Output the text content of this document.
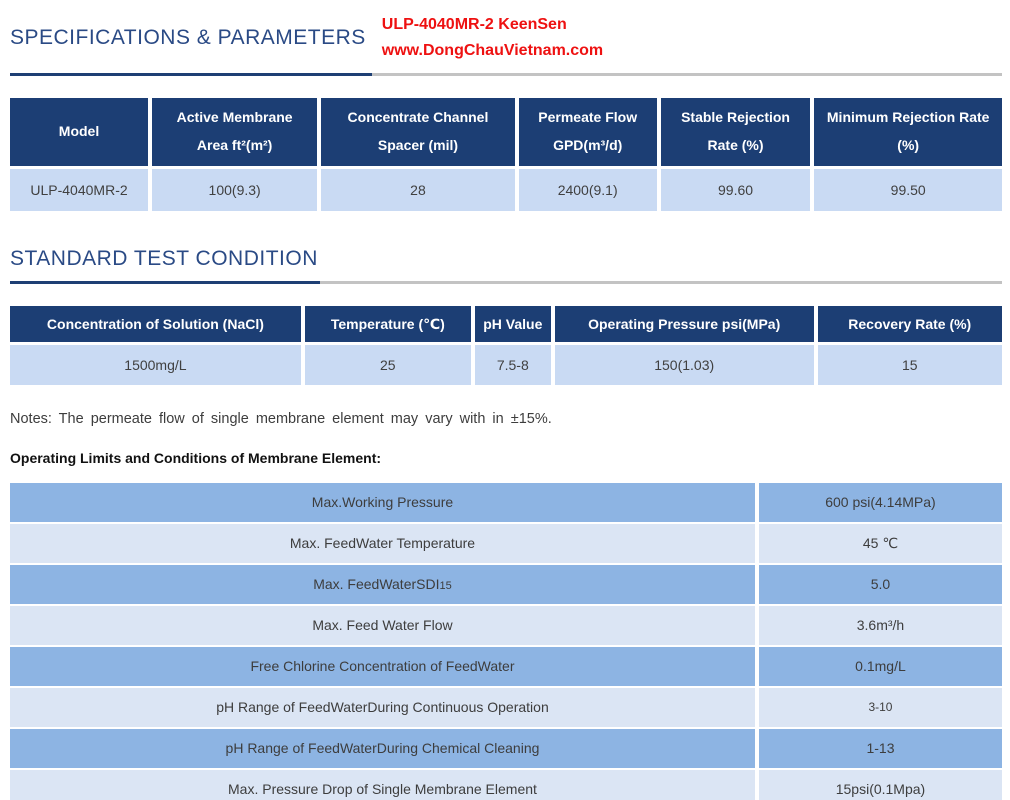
SPECIFICATIONS & PARAMETERS
ULP-4040MR-2 KeenSen
www.DongChauVietnam.com
Model	Active Membrane Area ft²(m²)	Concentrate Channel Spacer (mil)	Permeate Flow GPD(m³/d)	Stable Rejection Rate (%)	Minimum Rejection Rate (%)
ULP-4040MR-2	100(9.3)	28	2400(9.1)	99.60	99.50
STANDARD TEST CONDITION
Concentration of Solution (NaCl)	Temperature (℃)	pH Value	Operating Pressure psi(MPa)	Recovery Rate (%)
1500mg/L	25	7.5-8	150(1.03)	15

Notes: The permeate flow of single membrane element may vary with in ±15%.

Operating Limits and Conditions of Membrane Element:

Max.Working Pressure	600 psi(4.14MPa)
Max. FeedWater Temperature	45 ℃
Max. FeedWaterSDI15	5.0
Max. Feed Water Flow	3.6m³/h
Free Chlorine Concentration of FeedWater	0.1mg/L
pH Range of FeedWaterDuring Continuous Operation	3-10
pH Range of FeedWaterDuring Chemical Cleaning	1-13
Max. Pressure Drop of Single Membrane Element	15psi(0.1Mpa)
